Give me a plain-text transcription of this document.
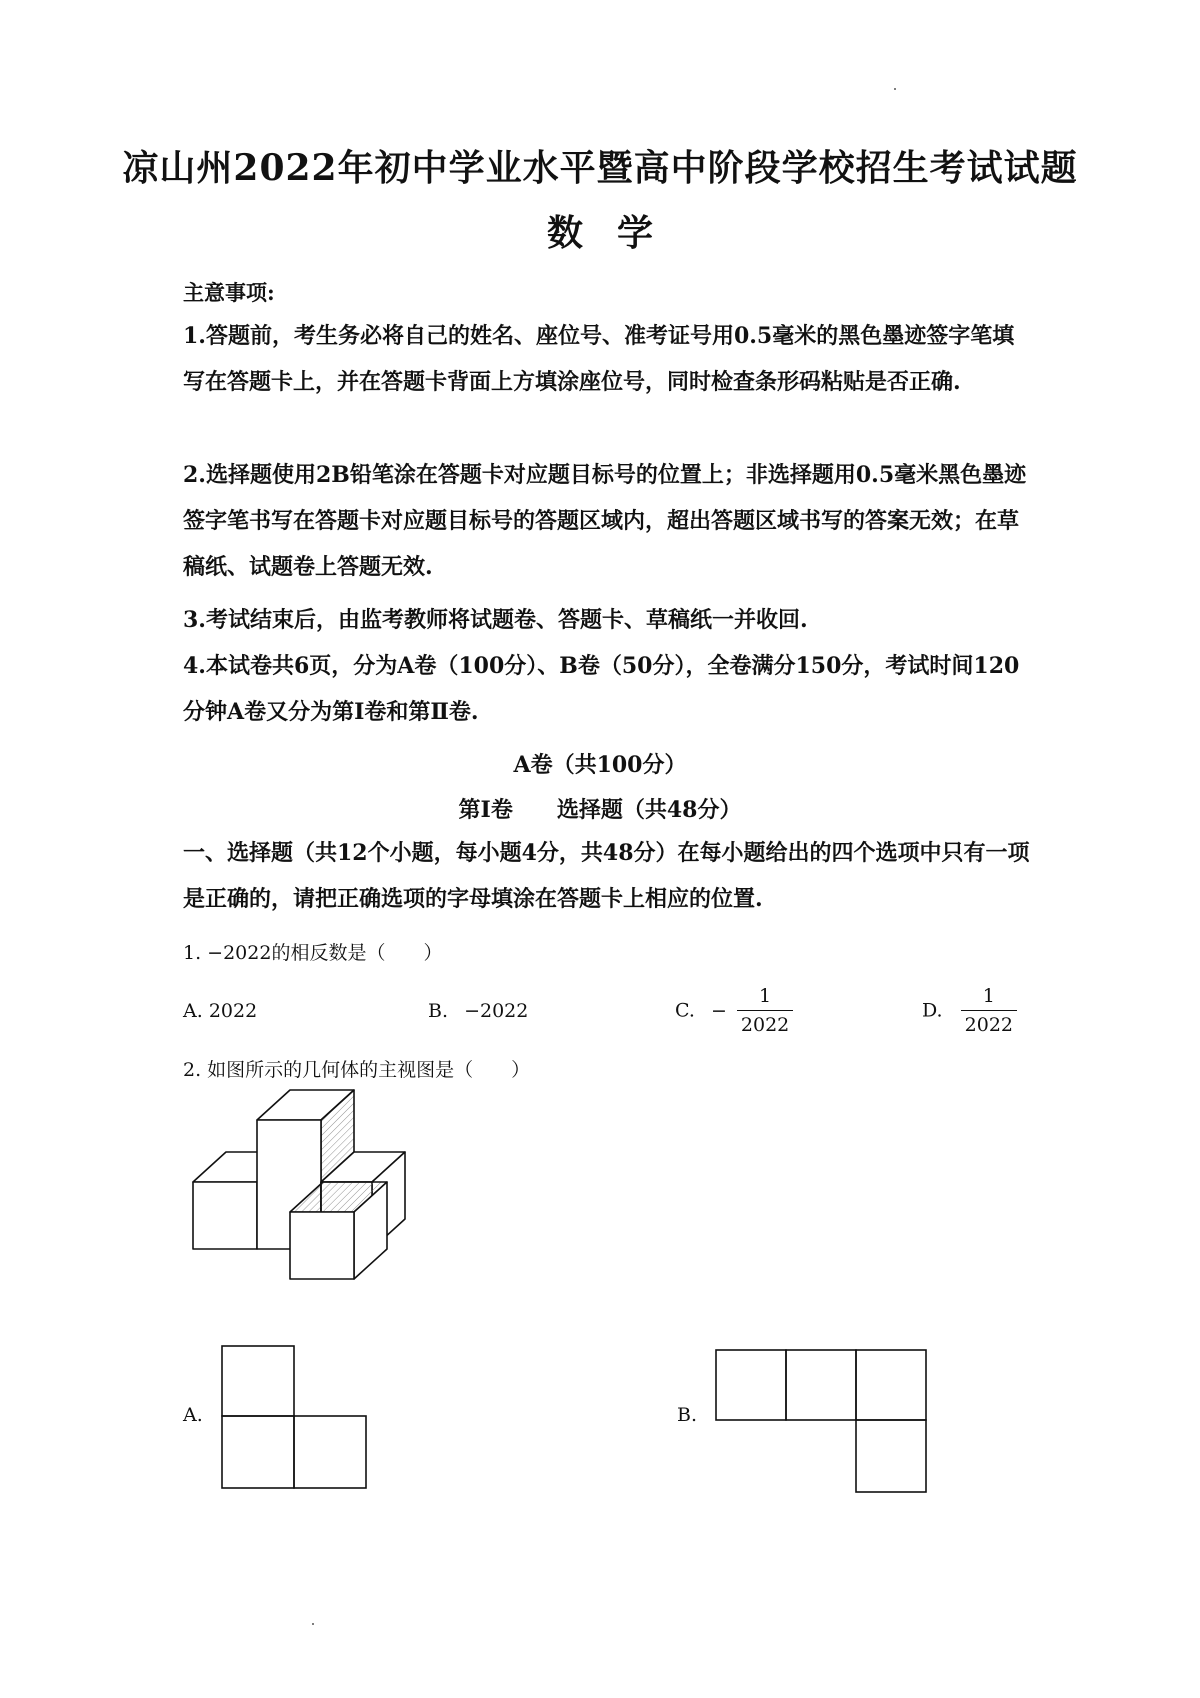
凉山州2022年初中学业水平暨高中阶段学校招生考试试题
数学
主意事项:
1.答题前，考生务必将自己的姓名、座位号、准考证号用0.5毫米的黑色墨迹签字笔填写在答题卡上，并在答题卡背面上方填涂座位号，同时检查条形码粘贴是否正确.
2.选择题使用2B铅笔涂在答题卡对应题目标号的位置上；非选择题用0.5毫米黑色墨迹签字笔书写在答题卡对应题目标号的答题区域内，超出答题区域书写的答案无效；在草稿纸、试题卷上答题无效.
3.考试结束后，由监考教师将试题卷、答题卡、草稿纸一并收回.
4.本试卷共6页，分为A卷（100分）、B卷（50分），全卷满分150分，考试时间120分钟A卷又分为第Ⅰ卷和第Ⅱ卷.
A卷（共100分）
第Ⅰ卷　　选择题（共48分）
一、选择题（共12个小题，每小题4分，共48分）在每小题给出的四个选项中只有一项是正确的，请把正确选项的字母填涂在答题卡上相应的位置.
1. −2022的相反数是（　　）
A. 2022	B. −2022	C. − $\frac{1}{2022}$	D. $\frac{1}{2022}$
2. 如图所示的几何体的主视图是（　　）
A.	B.
